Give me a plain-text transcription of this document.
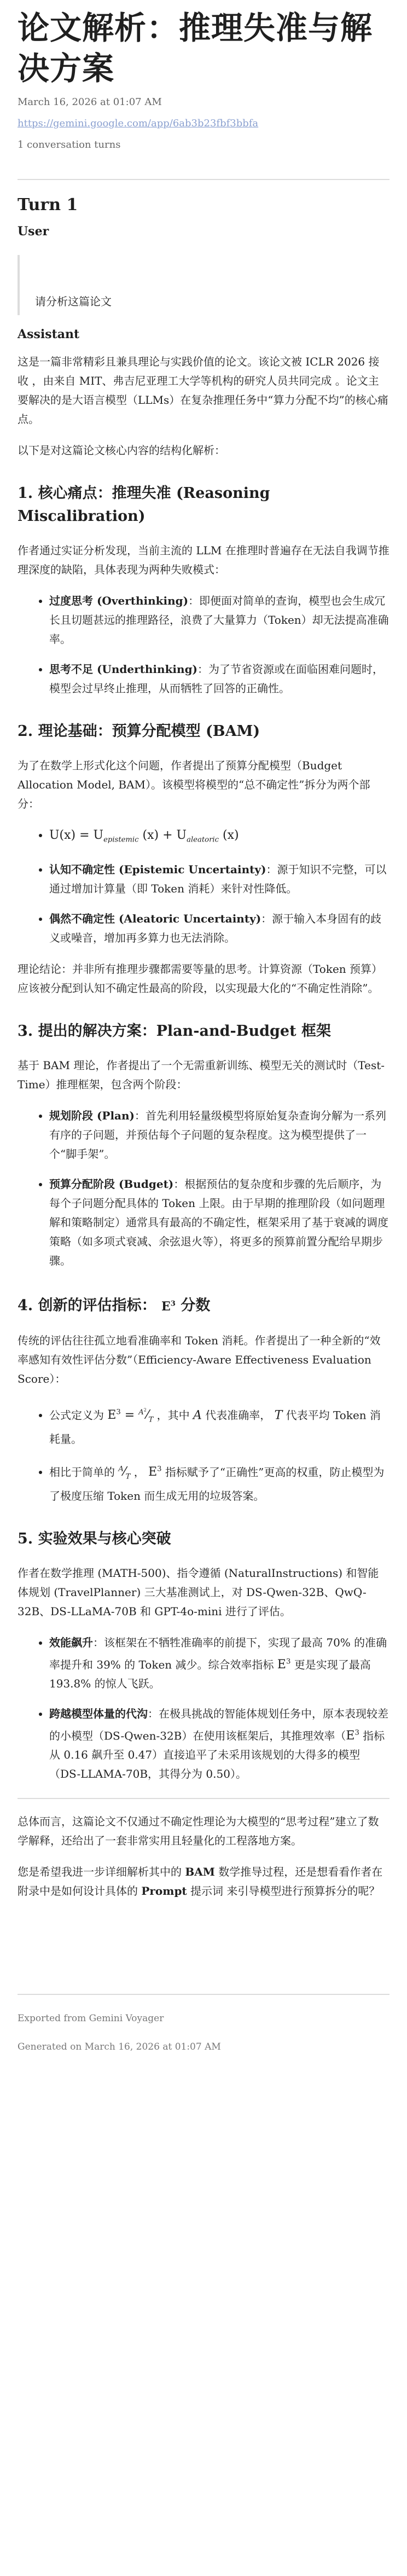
论文解析：推理失准与解决方案
March 16, 2026 at 01:07 AM
https://gemini.google.com/app/6ab3b23fbf3bbfa
1 conversation turns
Turn 1
User
请分析这篇论文
Assistant

这是一篇非常精彩且兼具理论与实践价值的论文。该论文被 ICLR 2026 接收 ，由来自 MIT、弗吉尼亚理工大学等机构的研究人员共同完成 。论文主要解决的是大语言模型（LLMs）在复杂推理任务中“算力分配不均”的核心痛点。

以下是对这篇论文核心内容的结构化解析：

1. 核心痛点：推理失准 (Reasoning Miscalibration)

作者通过实证分析发现，当前主流的 LLM 在推理时普遍存在无法自我调节推理深度的缺陷，具体表现为两种失败模式：

• 过度思考 (Overthinking)：即便面对简单的查询，模型也会生成冗长且切题甚远的推理路径，浪费了大量算力（Token）却无法提高准确率。
• 思考不足 (Underthinking)：为了节省资源或在面临困难问题时，模型会过早终止推理，从而牺牲了回答的正确性。
2. 理论基础：预算分配模型 (BAM)

为了在数学上形式化这个问题，作者提出了预算分配模型（Budget Allocation Model, BAM）。该模型将模型的“总不确定性”拆分为两个部分：

• $U(x) = U_{epistemic}$ $(x) + U_{aleatoric}$ (x)
• 认知不确定性 (Epistemic Uncertainty)：源于知识不完整，可以通过增加计算量（即 Token 消耗）来针对性降低。
• 偶然不确定性 (Aleatoric Uncertainty)：源于输入本身固有的歧义或噪音，增加再多算力也无法消除。

理论结论：并非所有推理步骤都需要等量的思考。计算资源（Token 预算）应该被分配到认知不确定性最高的阶段，以实现最大化的“不确定性消除”。

3. 提出的解决方案：Plan-and-Budget 框架

基于 BAM 理论，作者提出了一个无需重新训练、模型无关的测试时（Test-Time）推理框架，包含两个阶段：

• 规划阶段 (Plan)：首先利用轻量级模型将原始复杂查询分解为一系列有序的子问题，并预估每个子问题的复杂程度。这为模型提供了一个“脚手架”。
• 预算分配阶段 (Budget)：根据预估的复杂度和步骤的先后顺序，为每个子问题分配具体的 Token 上限。由于早期的推理阶段（如问题理解和策略制定）通常具有最高的不确定性，框架采用了基于衰减的调度策略（如多项式衰减、余弦退火等），将更多的预算前置分配给早期步骤。
4. 创新的评估指标： $E^3$ 分数

传统的评估往往孤立地看准确率和 Token 消耗。作者提出了一种全新的“效率感知有效性评估分数”（Efficiency-Aware Effectiveness Evaluation Score）：

• 公式定义为 $E^3$ = $^{A^2}⁄_T$ ，其中 A 代表准确率， T 代表平均 Token 消耗量。
• 相比于简单的 $^A⁄_T$ ， $E^3$ 指标赋予了“正确性”更高的权重，防止模型为了极度压缩 Token 而生成无用的垃圾答案。
5. 实验效果与核心突破

作者在数学推理 (MATH-500)、指令遵循 (NaturalInstructions) 和智能体规划 (TravelPlanner) 三大基准测试上，对 DS-Qwen-32B、QwQ-32B、DS-LLaMA-70B 和 GPT-4o-mini 进行了评估。

• 效能飙升：该框架在不牺牲准确率的前提下，实现了最高 70% 的准确率提升和 39% 的 Token 减少。综合效率指标 $E^3$ 更是实现了最高 193.8% 的惊人飞跃。
• 跨越模型体量的代沟：在极具挑战的智能体规划任务中，原本表现较差的小模型（DS-Qwen-32B）在使用该框架后，其推理效率（$E^3$ 指标从 0.16 飙升至 0.47）直接追平了未采用该规划的大得多的模型（DS-LLAMA-70B，其得分为 0.50）。

总体而言，这篇论文不仅通过不确定性理论为大模型的“思考过程”建立了数学解释，还给出了一套非常实用且轻量化的工程落地方案。

您是希望我进一步详细解析其中的 BAM 数学推导过程，还是想看看作者在附录中是如何设计具体的 Prompt 提示词 来引导模型进行预算拆分的呢？

Exported from Gemini Voyager

Generated on March 16, 2026 at 01:07 AM
